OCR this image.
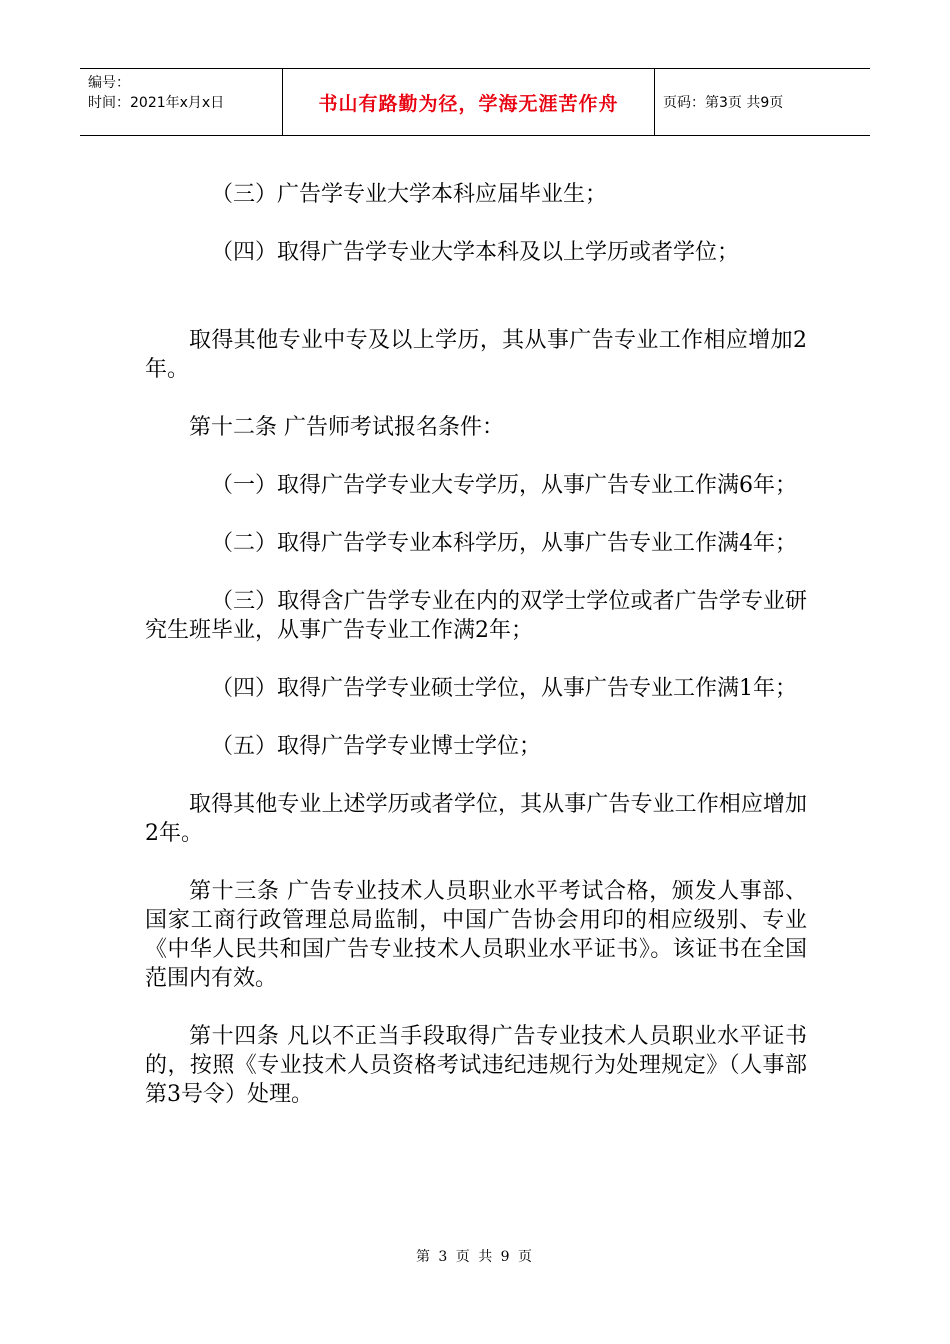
编号：
时间：2021年x月x日	书山有路勤为径，学海无涯苦作舟	页码：第3页 共9页

（三）广告学专业大学本科应届毕业生；

（四）取得广告学专业大学本科及以上学历或者学位；

取得其他专业中专及以上学历，其从事广告专业工作相应增加2年。

第十二条 广告师考试报名条件：

（一）取得广告学专业大专学历，从事广告专业工作满6年；

（二）取得广告学专业本科学历，从事广告专业工作满4年；

（三）取得含广告学专业在内的双学士学位或者广告学专业研究生班毕业，从事广告专业工作满2年；

（四）取得广告学专业硕士学位，从事广告专业工作满1年；

（五）取得广告学专业博士学位；

取得其他专业上述学历或者学位，其从事广告专业工作相应增加2年。

第十三条 广告专业技术人员职业水平考试合格，颁发人事部、国家工商行政管理总局监制，中国广告协会用印的相应级别、专业《中华人民共和国广告专业技术人员职业水平证书》。该证书在全国范围内有效。

第十四条 凡以不正当手段取得广告专业技术人员职业水平证书的，按照《专业技术人员资格考试违纪违规行为处理规定》（人事部第3号令）处理。

第 3 页 共 9 页
